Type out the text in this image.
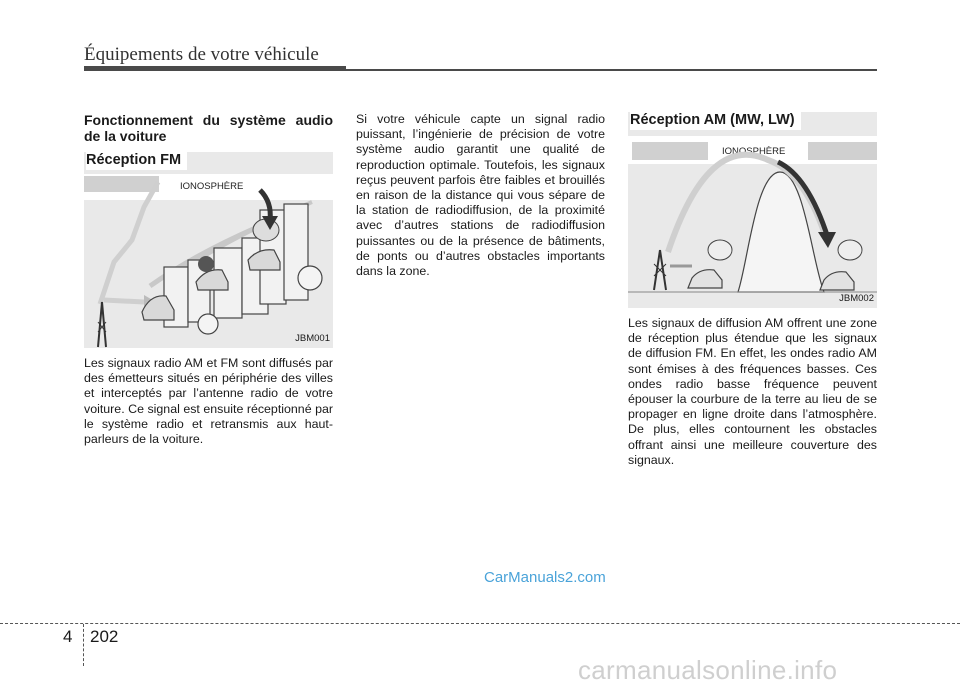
Équipements de votre véhicule
Fonctionnement du système audio de la voiture
Réception FM
IONOSPHÈRE
JBM001

Les signaux radio AM et FM sont diffusés par des émetteurs situés en périphérie des villes et interceptés par l’antenne radio de votre voiture. Ce signal est ensuite réceptionné par le système radio et retransmis aux haut-parleurs de la voiture.

Si votre véhicule capte un signal radio puissant, l’ingénierie de précision de votre système audio garantit une qualité de reproduction optimale. Toutefois, les signaux reçus peuvent parfois être faibles et brouillés en raison de la distance qui vous sépare de la station de radiodiffusion, de la proximité avec d’autres stations de radiodiffusion puissantes ou de la présence de bâtiments, de ponts ou d’autres obstacles importants dans la zone.

Réception AM (MW, LW)
IONOSPHÈRE
JBM002

Les signaux de diffusion AM offrent une zone de réception plus étendue que les signaux de diffusion FM. En effet, les ondes radio AM sont émises à des fréquences basses. Ces ondes radio basse fréquence peuvent épouser la courbure de la terre au lieu de se propager en ligne droite dans l’atmosphère. De plus, elles contournent les obstacles offrant ainsi une meilleure couverture des signaux.

CarManuals2.com
4 202
carmanualsonline.info
